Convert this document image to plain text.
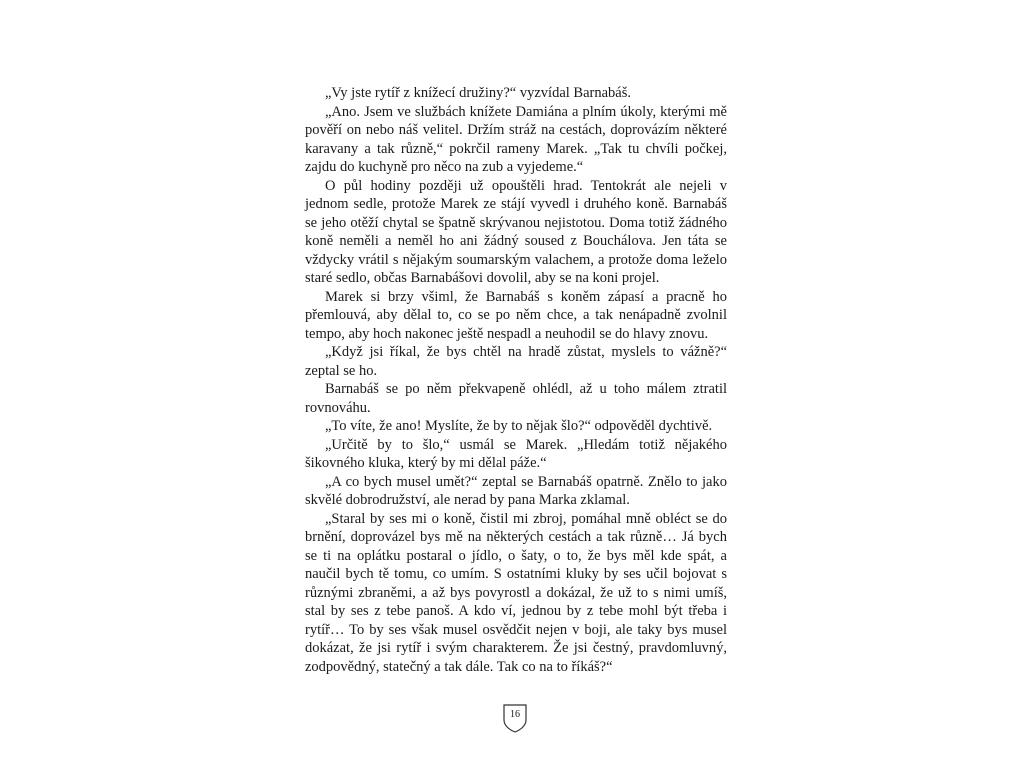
„Vy jste rytíř z knížecí družiny?“ vyzvídal Barnabáš.

„Ano. Jsem ve službách knížete Damiána a plním úkoly, kterými mě pověří on nebo náš velitel. Držím stráž na cestách, doprovázím některé karavany a tak různě,“ pokrčil rameny Marek. „Tak tu chvíli počkej, zajdu do kuchyně pro něco na zub a vyjedeme.“

O půl hodiny později už opouštěli hrad. Tentokrát ale nejeli v jednom sedle, protože Marek ze stájí vyvedl i druhého koně. Barnabáš se jeho otěží chytal se špatně skrývanou nejistotou. Doma totiž žádného koně neměli a neměl ho ani žádný soused z Bouchálova. Jen táta se vždycky vrátil s nějakým soumarským valachem, a protože doma leželo staré sedlo, občas Barnabášovi dovolil, aby se na koni projel.

Marek si brzy všiml, že Barnabáš s koněm zápasí a pracně ho přemlouvá, aby dělal to, co se po něm chce, a tak nenápadně zvolnil tempo, aby hoch nakonec ještě nespadl a neuhodil se do hlavy znovu.

„Když jsi říkal, že bys chtěl na hradě zůstat, myslels to vážně?“ zeptal se ho.

Barnabáš se po něm překvapeně ohlédl, až u toho málem ztratil rovnováhu.

„To víte, že ano! Myslíte, že by to nějak šlo?“ odpověděl dychtivě.

„Určitě by to šlo,“ usmál se Marek. „Hledám totiž nějakého šikovného kluka, který by mi dělal páže.“

„A co bych musel umět?“ zeptal se Barnabáš opatrně. Znělo to jako skvělé dobrodružství, ale nerad by pana Marka zklamal.

„Staral by ses mi o koně, čistil mi zbroj, pomáhal mně obléct se do brnění, doprovázel bys mě na některých cestách a tak různě… Já bych se ti na oplátku postaral o jídlo, o šaty, o to, že bys měl kde spát, a naučil bych tě tomu, co umím. S ostatními kluky by ses učil bojovat s různými zbraněmi, a až bys povyrostl a dokázal, že už to s nimi umíš, stal by ses z tebe panoš. A kdo ví, jednou by z tebe mohl být třeba i rytíř… To by ses však musel osvědčit nejen v boji, ale taky bys musel dokázat, že jsi rytíř i svým charakterem. Že jsi čestný, pravdomluvný, zodpovědný, statečný a tak dále. Tak co na to říkáš?“

16
